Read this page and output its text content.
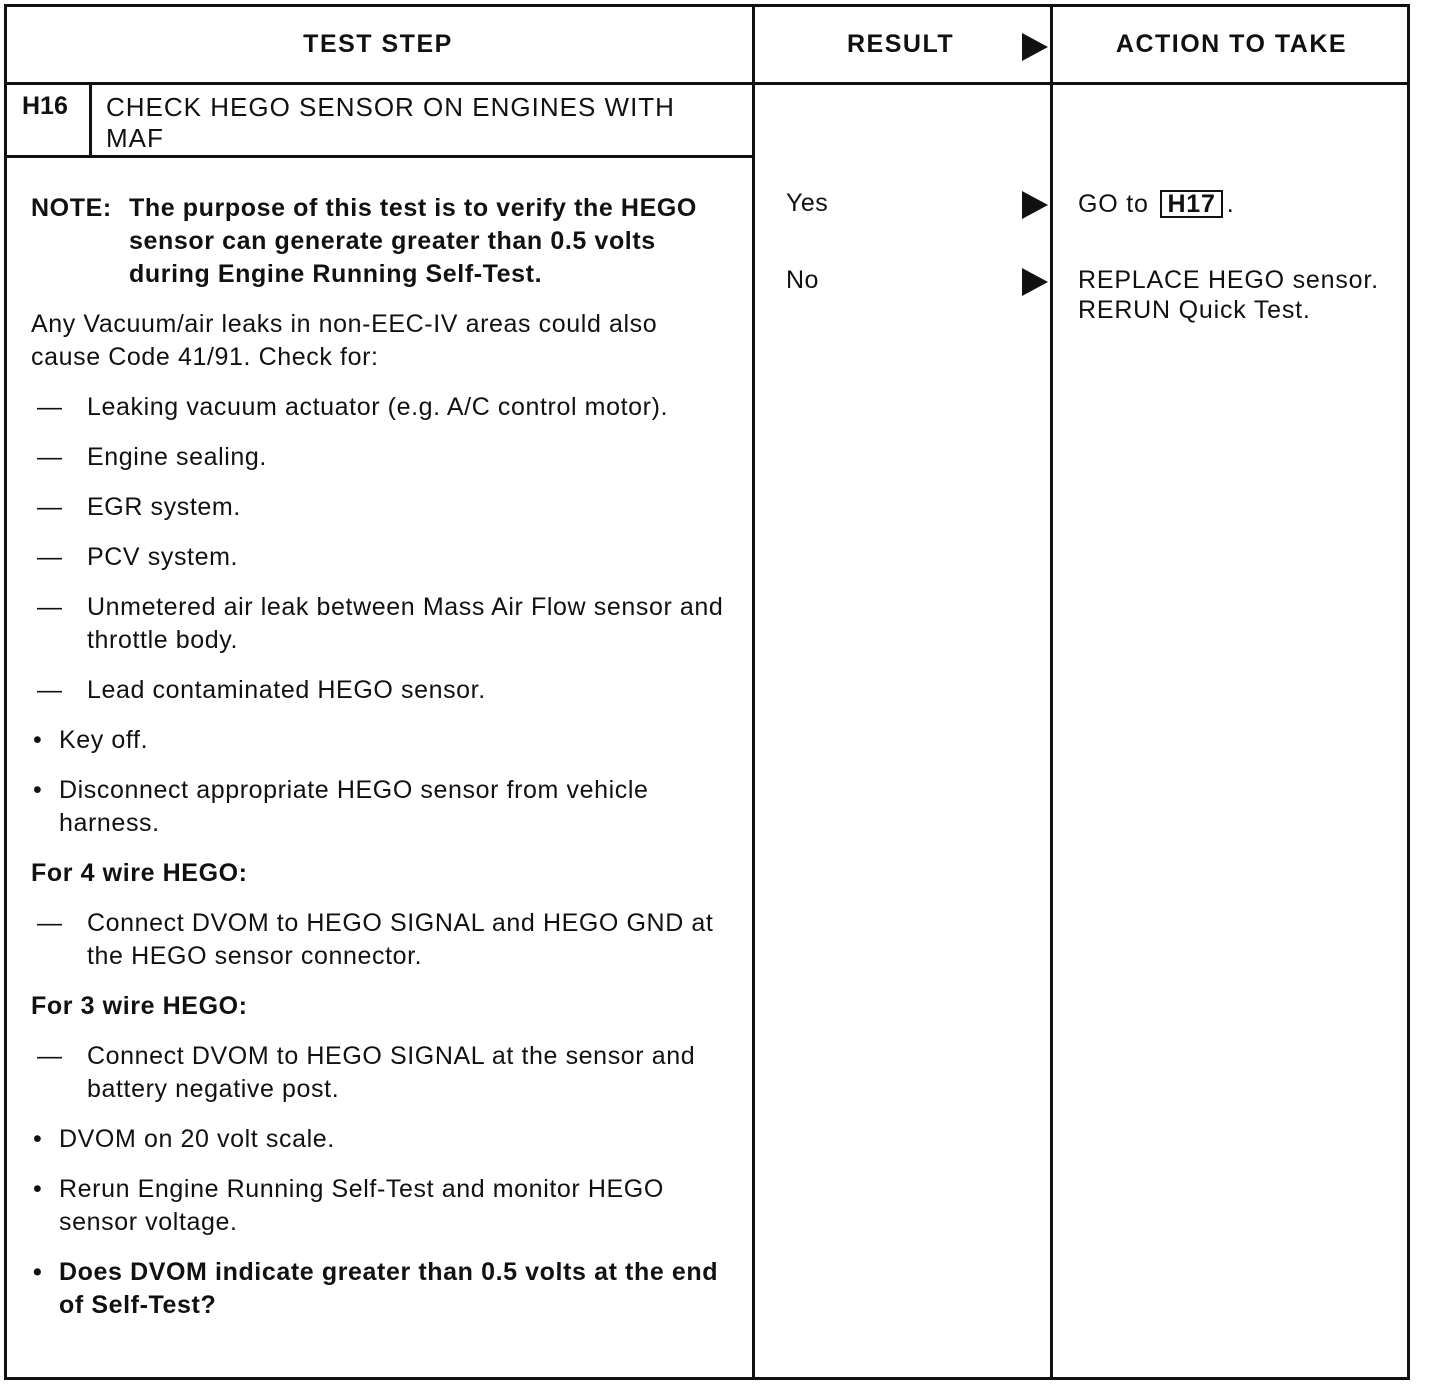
TEST STEP	RESULT	ACTION TO TAKE
H16 CHECK HEGO SENSOR ON ENGINES WITH MAF
NOTE: The purpose of this test is to verify the HEGO sensor can generate greater than 0.5 volts during Engine Running Self-Test.

Any Vacuum/air leaks in non-EEC-IV areas could also cause Code 41/91. Check for:

— Leaking vacuum actuator (e.g. A/C control motor).
— Engine sealing.
— EGR system.
— PCV system.
— Unmetered air leak between Mass Air Flow sensor and throttle body.
— Lead contaminated HEGO sensor.
• Key off.
• Disconnect appropriate HEGO sensor from vehicle harness.

For 4 wire HEGO:

— Connect DVOM to HEGO SIGNAL and HEGO GND at the HEGO sensor connector.

For 3 wire HEGO:

— Connect DVOM to HEGO SIGNAL at the sensor and battery negative post.
• DVOM on 20 volt scale.
• Rerun Engine Running Self-Test and monitor HEGO sensor voltage.
• Does DVOM indicate greater than 0.5 volts at the end of Self-Test?
Yes
No
GO to H17 .
REPLACE HEGO sensor. RERUN Quick Test.
